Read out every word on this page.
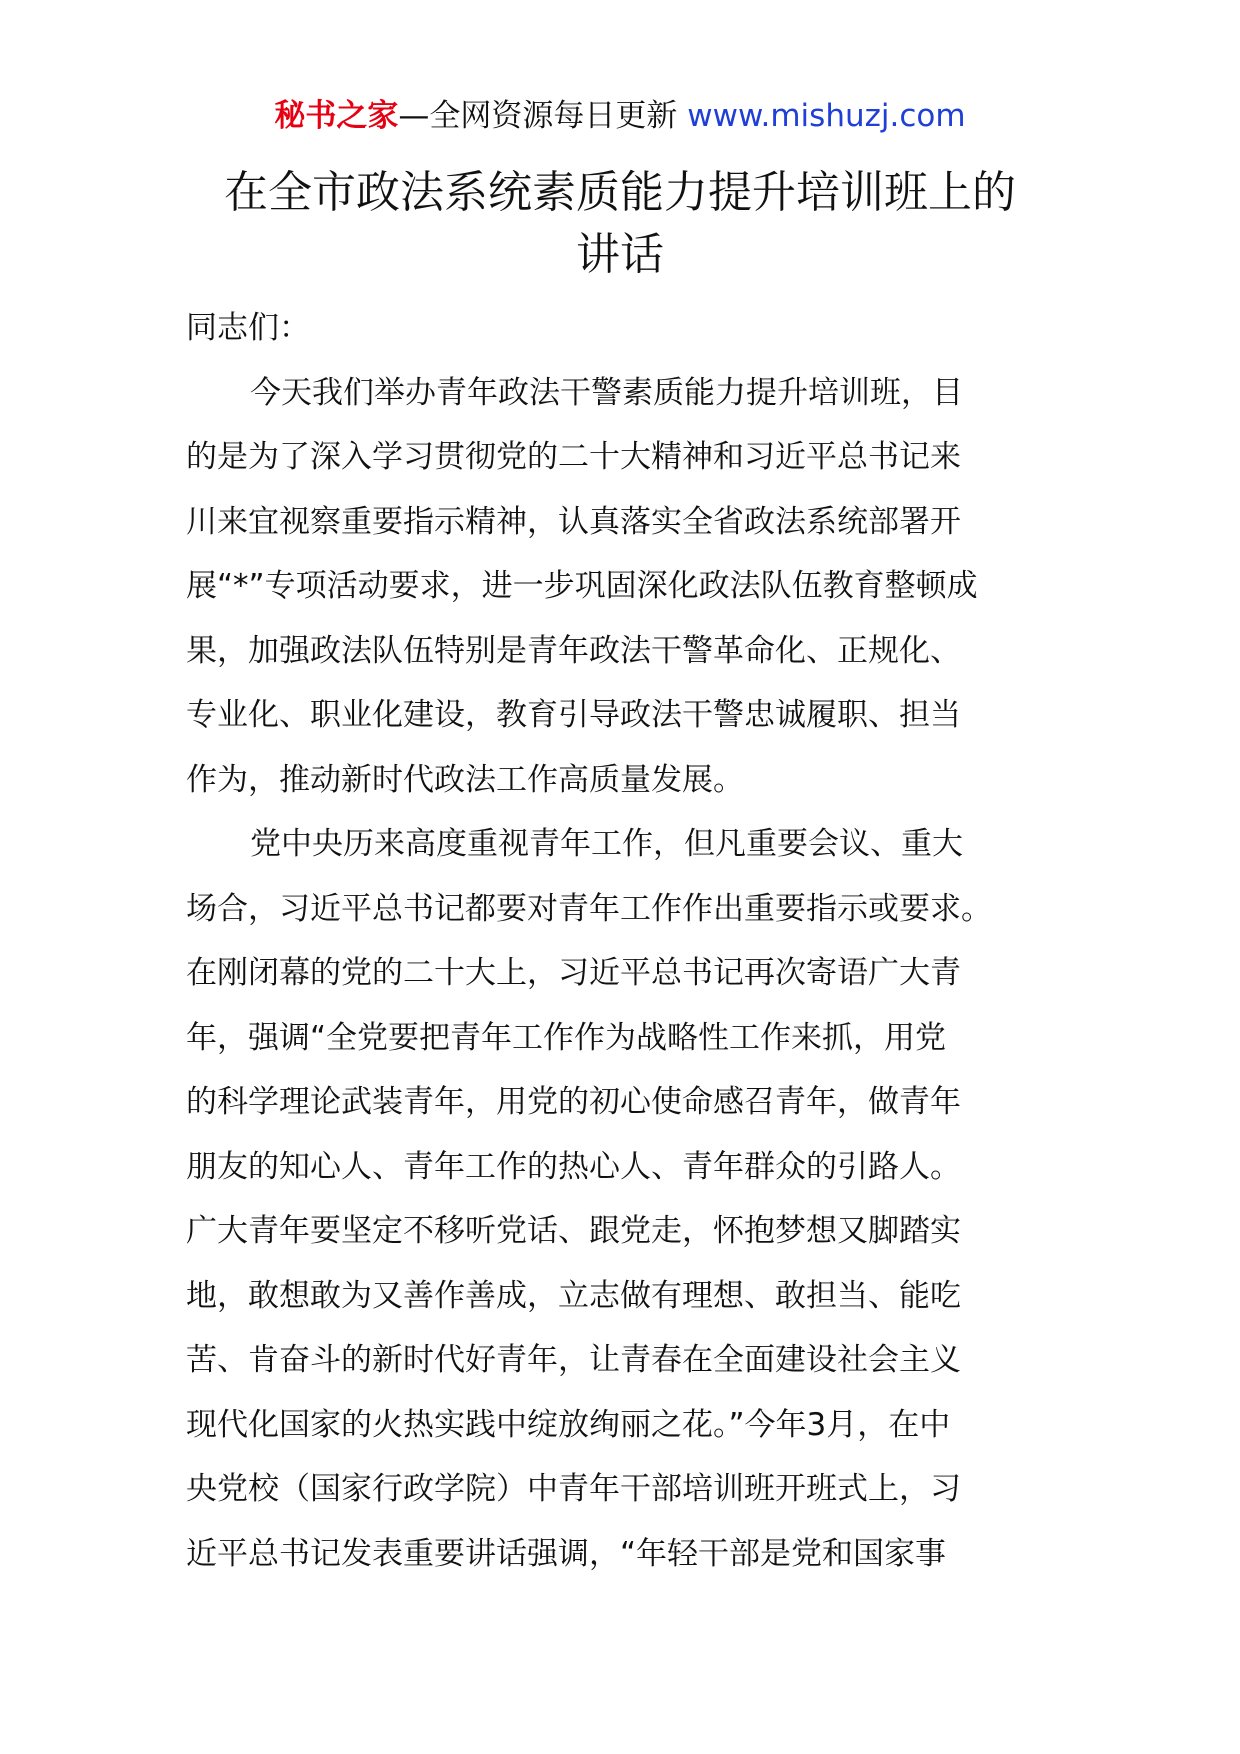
秘书之家—全网资源每日更新 www.mishuzj.com
在全市政法系统素质能力提升培训班上的
讲话
同志们：
今天我们举办青年政法干警素质能力提升培训班，目
的是为了深入学习贯彻党的二十大精神和习近平总书记来
川来宜视察重要指示精神，认真落实全省政法系统部署开
展“*”专项活动要求，进一步巩固深化政法队伍教育整顿成
果，加强政法队伍特别是青年政法干警革命化、正规化、
专业化、职业化建设，教育引导政法干警忠诚履职、担当
作为，推动新时代政法工作高质量发展。
党中央历来高度重视青年工作，但凡重要会议、重大
场合，习近平总书记都要对青年工作作出重要指示或要求。
在刚闭幕的党的二十大上，习近平总书记再次寄语广大青
年，强调“全党要把青年工作作为战略性工作来抓，用党
的科学理论武装青年，用党的初心使命感召青年，做青年
朋友的知心人、青年工作的热心人、青年群众的引路人。
广大青年要坚定不移听党话、跟党走，怀抱梦想又脚踏实
地，敢想敢为又善作善成，立志做有理想、敢担当、能吃
苦、肯奋斗的新时代好青年，让青春在全面建设社会主义
现代化国家的火热实践中绽放绚丽之花。”今年3月，在中
央党校（国家行政学院）中青年干部培训班开班式上，习
近平总书记发表重要讲话强调，“年轻干部是党和国家事
